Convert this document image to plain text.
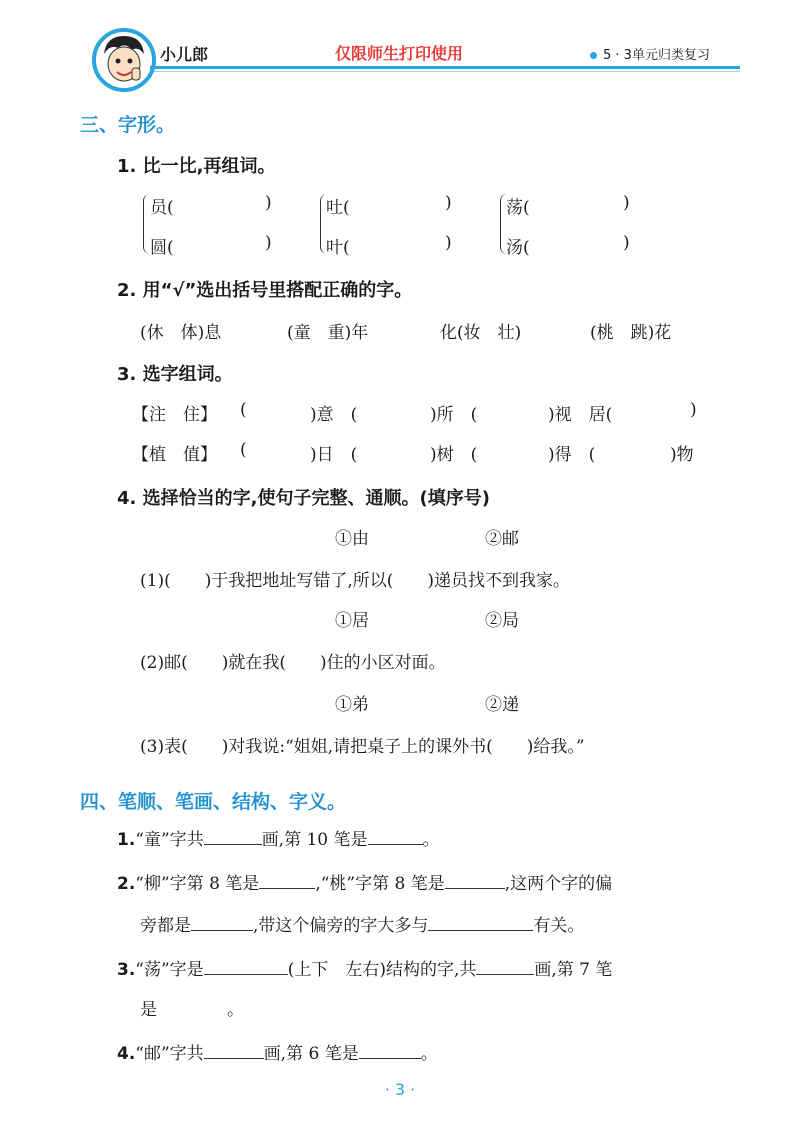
小儿郎	仅限师生打印使用	5 · 3单元归类复习
三、字形。
1. 比一比,再组词。
员(	)
圆(	)
吐(	)
叶(	)
荡(	)
汤(	)
2. 用“√”选出括号里搭配正确的字。
(休　体)息	(童　重)年	化(妆　壮)	(桃　跳)花
3. 选字组词。
【注　住】 (	)意　(	)所　(	)视　居(	)
【植　值】 (	)日　(	)树　(	)得　(	)物
4. 选择恰当的字,使句子完整、通顺。(填序号)
①由	②邮
(1)(　　)于我把地址写错了,所以(　　)递员找不到我家。
①居	②局
(2)邮(　　)就在我(　　)住的小区对面。
①弟	②递
(3)表(　　)对我说:“姐姐,请把桌子上的课外书(　　)给我。”
四、笔顺、笔画、结构、字义。
1.“童”字共	画,第 10 笔是	。
2.“柳”字第 8 笔是	,“桃”字第 8 笔是	,这两个字的偏
旁都是	,带这个偏旁的字大多与	有关。
3.“荡”字是	(上下　左右)结构的字,共	画,第 7 笔
是	。
4.“邮”字共	画,第 6 笔是	。
· 3 ·
